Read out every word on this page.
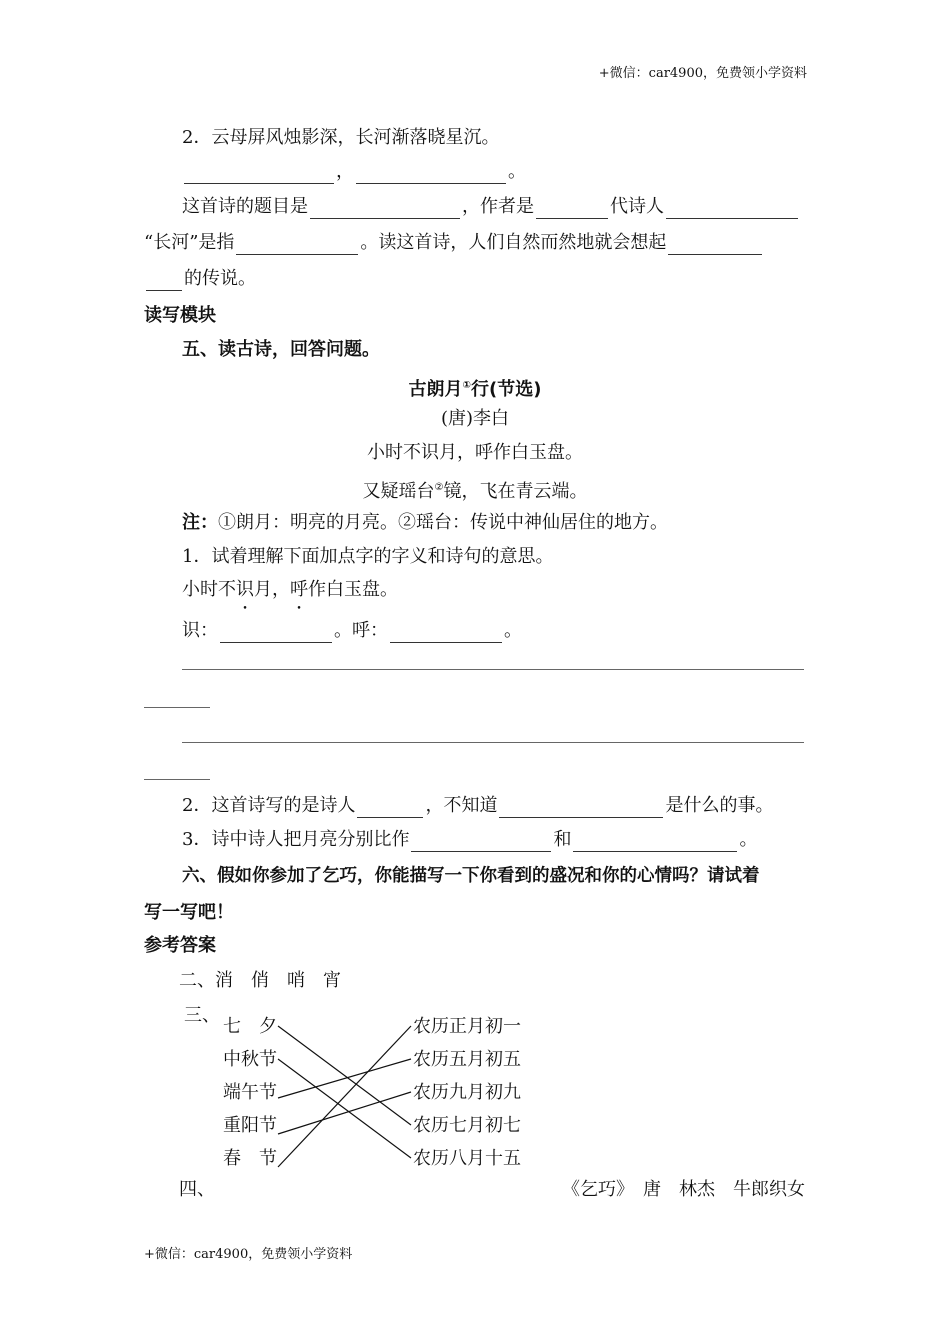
+微信：car4900，免费领小学资料
2．云母屏风烛影深，长河渐落晓星沉。
，	。
这首诗的题目是	，作者是	代诗人
“长河”是指	。读这首诗，人们自然而然地就会想起
的传说。
读写模块
五、读古诗，回答问题。
古朗月①行(节选)
(唐)李白
小时不识月，呼作白玉盘。
又疑瑶台②镜，飞在青云端。
注：①朗月：明亮的月亮。②瑶台：传说中神仙居住的地方。
1．试着理解下面加点字的字义和诗句的意思。
小时不识月，呼作白玉盘。
识：	。呼：	。
2．这首诗写的是诗人	，不知道	是什么的事。
3．诗中诗人把月亮分别比作	和	。
六、假如你参加了乞巧，你能描写一下你看到的盛况和你的心情吗？请试着
写一写吧！
参考答案
二、消　俏　哨　宵
三、
七　夕
中秋节
端午节
重阳节
春　节
农历正月初一
农历五月初五
农历九月初九
农历七月初七
农历八月十五
四、	《乞巧》　唐　林杰　牛郎织女
+微信：car4900，免费领小学资料
